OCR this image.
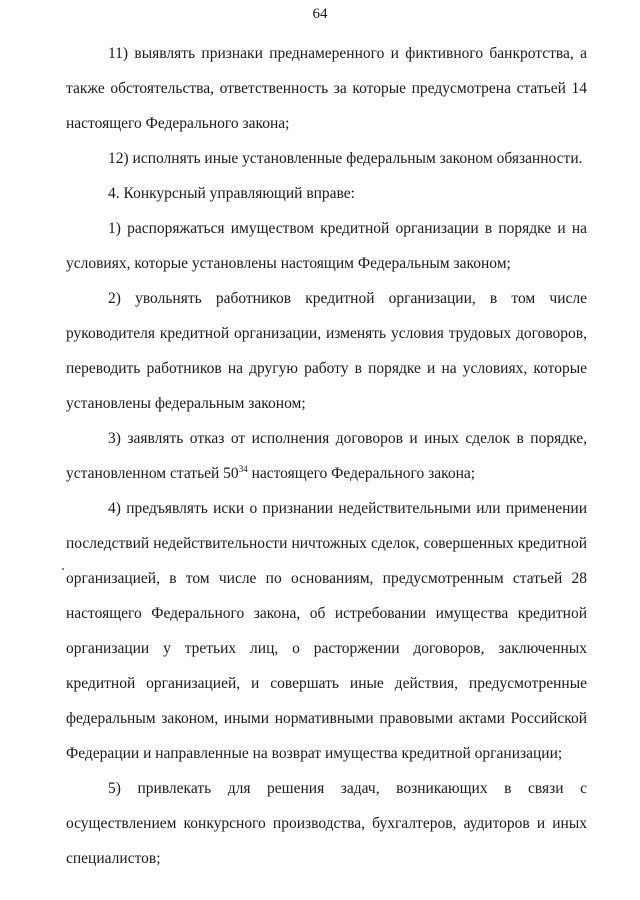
64

11) выявлять признаки преднамеренного и фиктивного банкротства, а также обстоятельства, ответственность за которые предусмотрена статьей 14 настоящего Федерального закона;

12) исполнять иные установленные федеральным законом обязанности.

4. Конкурсный управляющий вправе:

1) распоряжаться имуществом кредитной организации в порядке и на условиях, которые установлены настоящим Федеральным законом;

2) увольнять работников кредитной организации, в том числе руководителя кредитной организации, изменять условия трудовых договоров, переводить работников на другую работу в порядке и на условиях, которые установлены федеральным законом;

3) заявлять отказ от исполнения договоров и иных сделок в порядке, установленном статьей $50^{34}$ настоящего Федерального закона;

4) предъявлять иски о признании недействительными или применении последствий недействительности ничтожных сделок, совершенных кредитной организацией, в том числе по основаниям, предусмотренным статьей 28 настоящего Федерального закона, об истребовании имущества кредитной организации у третьих лиц, о расторжении договоров, заключенных кредитной организацией, и совершать иные действия, предусмотренные федеральным законом, иными нормативными правовыми актами Российской Федерации и направленные на возврат имущества кредитной организации;

5) привлекать для решения задач, возникающих в связи с осуществлением конкурсного производства, бухгалтеров, аудиторов и иных специалистов;
